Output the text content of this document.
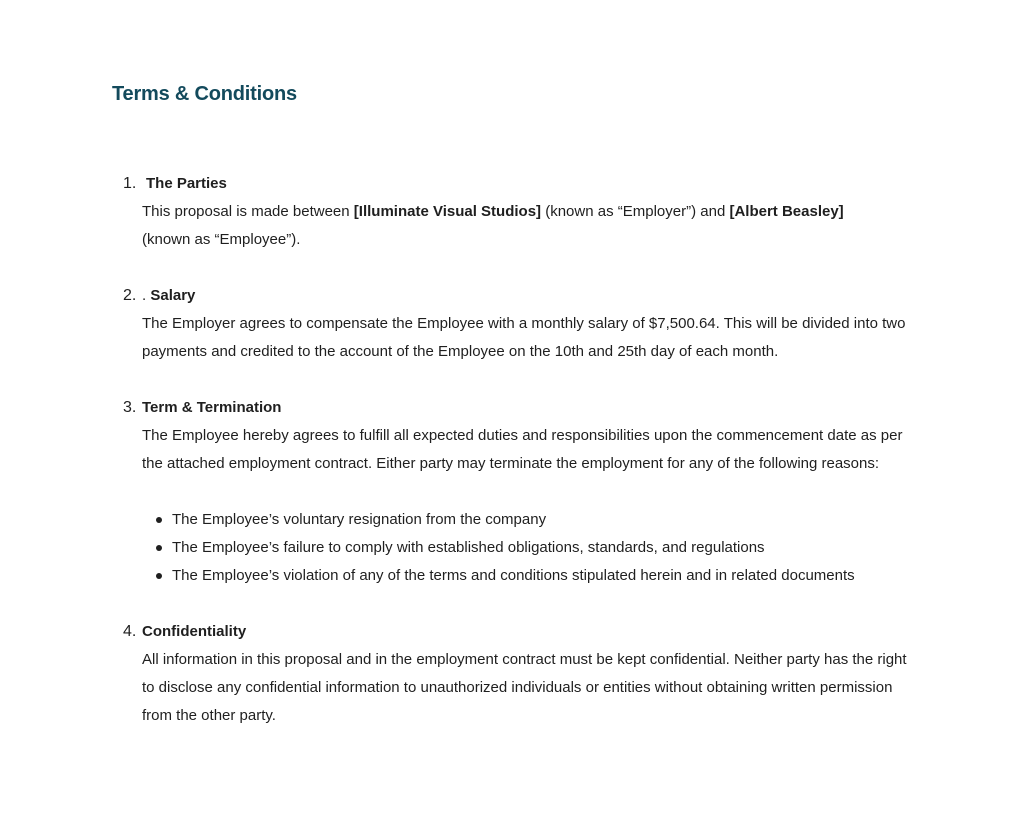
Terms & Conditions
1. The Parties

This proposal is made between [Illuminate Visual Studios] (known as “Employer”) and [Albert Beasley]
(known as “Employee”).

2. . Salary

The Employer agrees to compensate the Employee with a monthly salary of $7,500.64. This will be divided into two payments and credited to the account of the Employee on the 10th and 25th day of each month.

3. Term & Termination

The Employee hereby agrees to fulfill all expected duties and responsibilities upon the commencement date as per the attached employment contract. Either party may terminate the employment for any of the following reasons:

The Employee’s voluntary resignation from the company
The Employee’s failure to comply with established obligations, standards, and regulations
The Employee’s violation of any of the terms and conditions stipulated herein and in related documents
4. Confidentiality

All information in this proposal and in the employment contract must be kept confidential. Neither party has the right to disclose any confidential information to unauthorized individuals or entities without obtaining written permission from the other party.
